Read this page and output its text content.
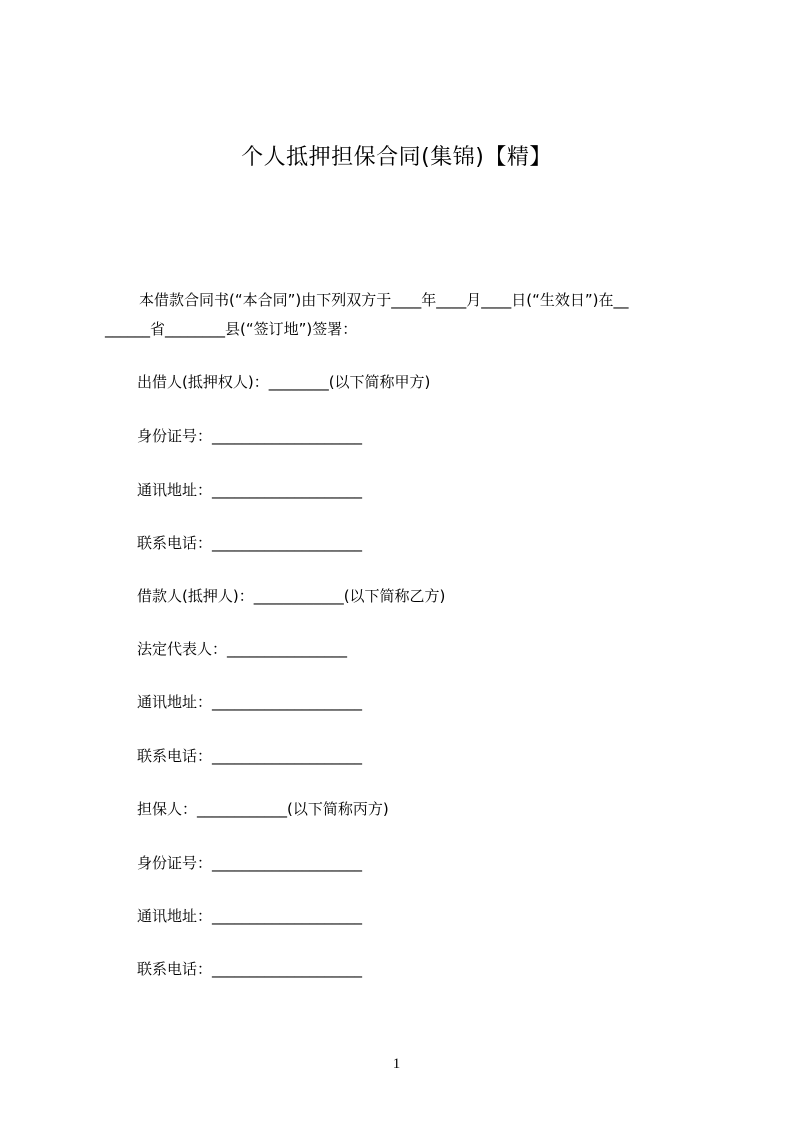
个人抵押担保合同(集锦)【精】
本借款合同书(“本合同”)由下列双方于____年____月____日(“生效日”)在__
______省________县(“签订地”)签署：
出借人(抵押权人)：________(以下简称甲方)
身份证号：____________________
通讯地址：____________________
联系电话：____________________
借款人(抵押人)：____________(以下简称乙方)
法定代表人：________________
通讯地址：____________________
联系电话：____________________
担保人：____________(以下简称丙方)
身份证号：____________________
通讯地址：____________________
联系电话：____________________
1
